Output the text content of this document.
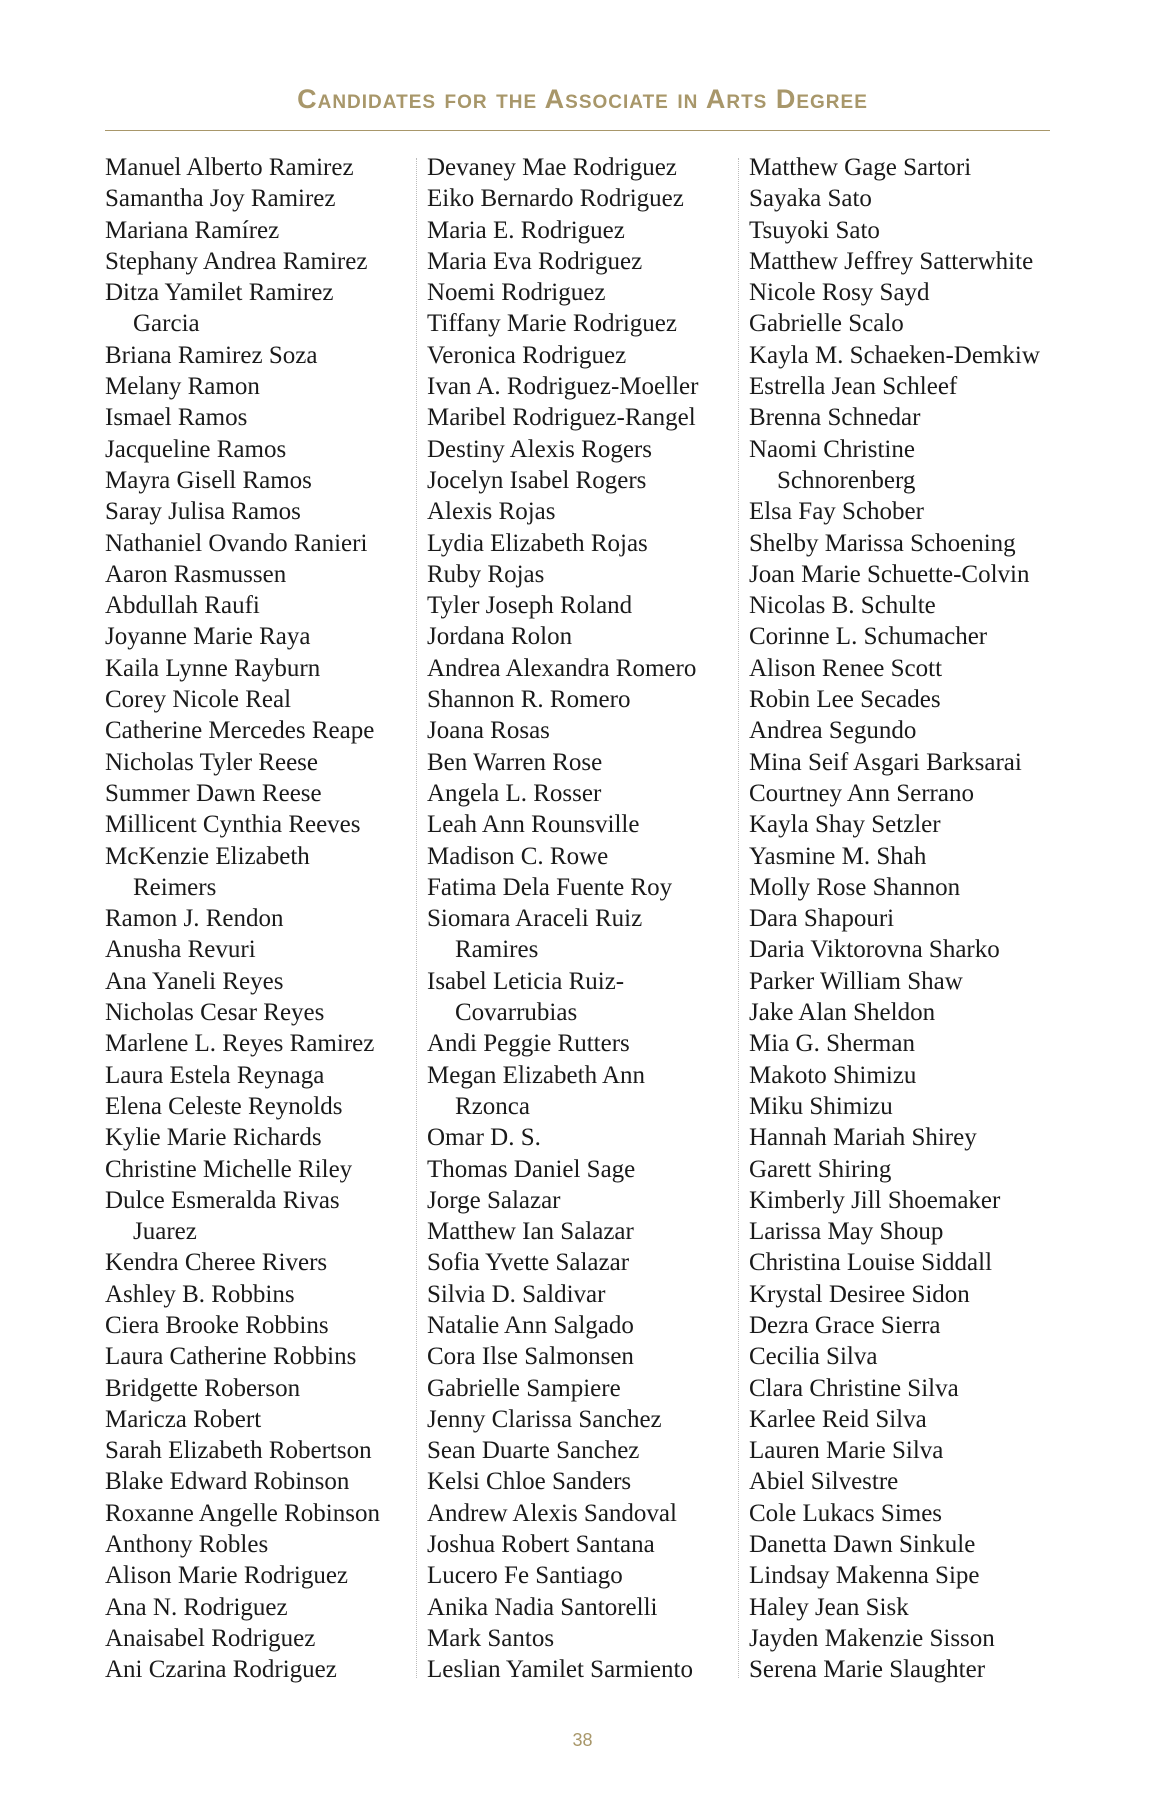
Candidates for the Associate in Arts Degree
Manuel Alberto Ramirez
Samantha Joy Ramirez
Mariana Ramírez
Stephany Andrea Ramirez
Ditza Yamilet Ramirez
Garcia
Briana Ramirez Soza
Melany Ramon
Ismael Ramos
Jacqueline Ramos
Mayra Gisell Ramos
Saray Julisa Ramos
Nathaniel Ovando Ranieri
Aaron Rasmussen
Abdullah Raufi
Joyanne Marie Raya
Kaila Lynne Rayburn
Corey Nicole Real
Catherine Mercedes Reape
Nicholas Tyler Reese
Summer Dawn Reese
Millicent Cynthia Reeves
McKenzie Elizabeth
Reimers
Ramon J. Rendon
Anusha Revuri
Ana Yaneli Reyes
Nicholas Cesar Reyes
Marlene L. Reyes Ramirez
Laura Estela Reynaga
Elena Celeste Reynolds
Kylie Marie Richards
Christine Michelle Riley
Dulce Esmeralda Rivas
Juarez
Kendra Cheree Rivers
Ashley B. Robbins
Ciera Brooke Robbins
Laura Catherine Robbins
Bridgette Roberson
Maricza Robert
Sarah Elizabeth Robertson
Blake Edward Robinson
Roxanne Angelle Robinson
Anthony Robles
Alison Marie Rodriguez
Ana N. Rodriguez
Anaisabel Rodriguez
Ani Czarina Rodriguez
Devaney Mae Rodriguez
Eiko Bernardo Rodriguez
Maria E. Rodriguez
Maria Eva Rodriguez
Noemi Rodriguez
Tiffany Marie Rodriguez
Veronica Rodriguez
Ivan A. Rodriguez-Moeller
Maribel Rodriguez-Rangel
Destiny Alexis Rogers
Jocelyn Isabel Rogers
Alexis Rojas
Lydia Elizabeth Rojas
Ruby Rojas
Tyler Joseph Roland
Jordana Rolon
Andrea Alexandra Romero
Shannon R. Romero
Joana Rosas
Ben Warren Rose
Angela L. Rosser
Leah Ann Rounsville
Madison C. Rowe
Fatima Dela Fuente Roy
Siomara Araceli Ruiz
Ramires
Isabel Leticia Ruiz-
Covarrubias
Andi Peggie Rutters
Megan Elizabeth Ann
Rzonca
Omar D. S.
Thomas Daniel Sage
Jorge Salazar
Matthew Ian Salazar
Sofia Yvette Salazar
Silvia D. Saldivar
Natalie Ann Salgado
Cora Ilse Salmonsen
Gabrielle Sampiere
Jenny Clarissa Sanchez
Sean Duarte Sanchez
Kelsi Chloe Sanders
Andrew Alexis Sandoval
Joshua Robert Santana
Lucero Fe Santiago
Anika Nadia Santorelli
Mark Santos
Leslian Yamilet Sarmiento
Matthew Gage Sartori
Sayaka Sato
Tsuyoki Sato
Matthew Jeffrey Satterwhite
Nicole Rosy Sayd
Gabrielle Scalo
Kayla M. Schaeken-Demkiw
Estrella Jean Schleef
Brenna Schnedar
Naomi Christine
Schnorenberg
Elsa Fay Schober
Shelby Marissa Schoening
Joan Marie Schuette-Colvin
Nicolas B. Schulte
Corinne L. Schumacher
Alison Renee Scott
Robin Lee Secades
Andrea Segundo
Mina Seif Asgari Barksarai
Courtney Ann Serrano
Kayla Shay Setzler
Yasmine M. Shah
Molly Rose Shannon
Dara Shapouri
Daria Viktorovna Sharko
Parker William Shaw
Jake Alan Sheldon
Mia G. Sherman
Makoto Shimizu
Miku Shimizu
Hannah Mariah Shirey
Garett Shiring
Kimberly Jill Shoemaker
Larissa May Shoup
Christina Louise Siddall
Krystal Desiree Sidon
Dezra Grace Sierra
Cecilia Silva
Clara Christine Silva
Karlee Reid Silva
Lauren Marie Silva
Abiel Silvestre
Cole Lukacs Simes
Danetta Dawn Sinkule
Lindsay Makenna Sipe
Haley Jean Sisk
Jayden Makenzie Sisson
Serena Marie Slaughter
38
